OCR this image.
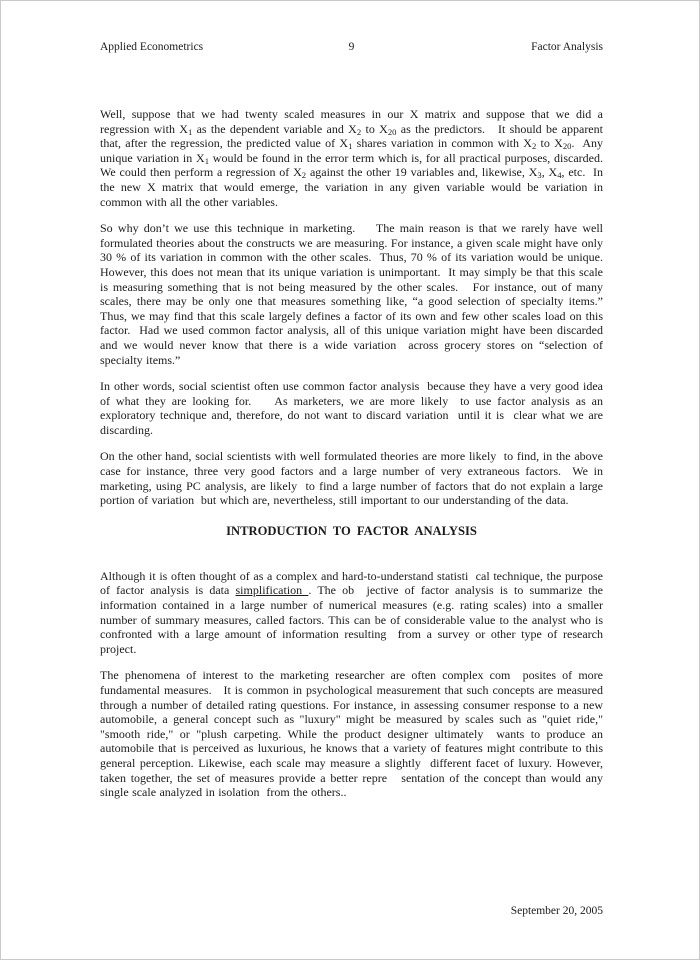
Applied Econometrics	9	Factor Analysis

Well, suppose that we had twenty scaled measures in our X matrix and suppose that we did a regression with $X_1$ as the dependent variable and $X_2$ to $X_{20}$ as the predictors.   It should be apparent that, after the regression, the predicted value of $X_1$ shares variation in common with $X_2$ to $X_{20}$.  Any unique variation in $X_1$ would be found in the error term which is, for all practical purposes, discarded.  We could then perform a regression of $X_2$ against the other 19 variables and, likewise, $X_3$, $X_4$, etc.  In the new X matrix that would emerge, the variation in any given variable would be variation in common with all the other variables.

So why don’t we use this technique in marketing.    The main reason is that we rarely have well formulated theories about the constructs we are measuring. For instance, a given scale might have only 30 % of its variation in common with the other scales.  Thus, 70 % of its variation would be unique. However, this does not mean that its unique variation is unimportant.  It may simply be that this scale is measuring something that is not being measured by the other scales.   For instance, out of many scales, there may be only one that measures something like, “a good selection of specialty items.”   Thus, we may find that this scale largely defines a factor of its own and few other scales load on this factor.  Had we used common factor analysis, all of this unique variation might have been discarded and we would never know that there is a wide variation  across grocery stores on “selection of specialty items.”

In other words, social scientist often use common factor analysis  because they have a very good idea of what they are looking for.    As marketers, we are more likely  to use factor analysis as an exploratory technique and, therefore, do not want to discard variation  until it is  clear what we are discarding.

On the other hand, social scientists with well formulated theories are more likely  to find, in the above case for instance, three very good factors and a large number of very extraneous factors.  We in marketing, using PC analysis, are likely  to find a large number of factors that do not explain a large portion of variation  but which are, nevertheless, still important to our understanding of the data.

INTRODUCTION TO FACTOR ANALYSIS

Although it is often thought of as a complex and hard-to-understand statisti  cal technique, the purpose of factor analysis is data simplification . The ob  jective of factor analysis is to summarize the information contained in a large number of numerical measures (e.g. rating scales) into a smaller number of summary measures, called factors. This can be of considerable value to the analyst who is confronted with a large amount of information resulting  from a survey or other type of research project.

The phenomena of interest to the marketing researcher are often complex com  posites of more fundamental measures.   It is common in psychological measurement that such concepts are measured through a number of detailed rating questions. For instance, in assessing consumer response to a new automobile, a general concept such as "luxury" might be measured by scales such as "quiet ride," "smooth ride," or "plush carpeting. While the product designer ultimately  wants to produce an automobile that is perceived as luxurious, he knows that a variety of features might contribute to this general perception. Likewise, each scale may measure a slightly  different facet of luxury. However, taken together, the set of measures provide a better repre   sentation of the concept than would any single scale analyzed in isolation  from the others..

September 20, 2005
